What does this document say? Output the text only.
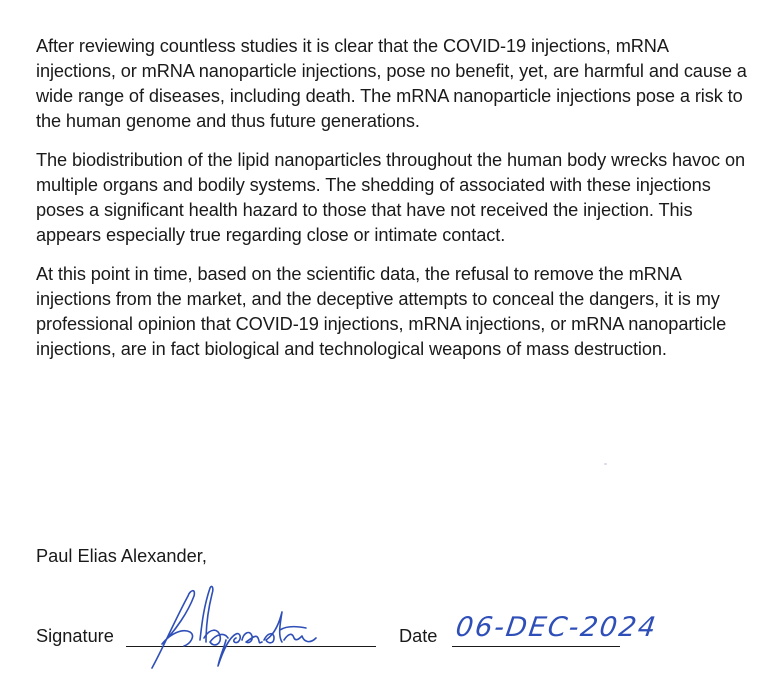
After reviewing countless studies it is clear that the COVID-19 injections, mRNA injections, or mRNA nanoparticle injections, pose no benefit, yet, are harmful and cause a wide range of diseases, including death. The mRNA nanoparticle injections pose a risk to the human genome and thus future generations.

The biodistribution of the lipid nanoparticles throughout the human body wrecks havoc on multiple organs and bodily systems. The shedding of associated with these injections poses a significant health hazard to those that have not received the injection. This appears especially true regarding close or intimate contact.

At this point in time, based on the scientific data, the refusal to remove the mRNA injections from the market, and the deceptive attempts to conceal the dangers, it is my professional opinion that COVID-19 injections, mRNA injections, or mRNA nanoparticle injections, are in fact biological and technological weapons of mass destruction.

Paul Elias Alexander,
Signature	Date 06-DEC-2024
